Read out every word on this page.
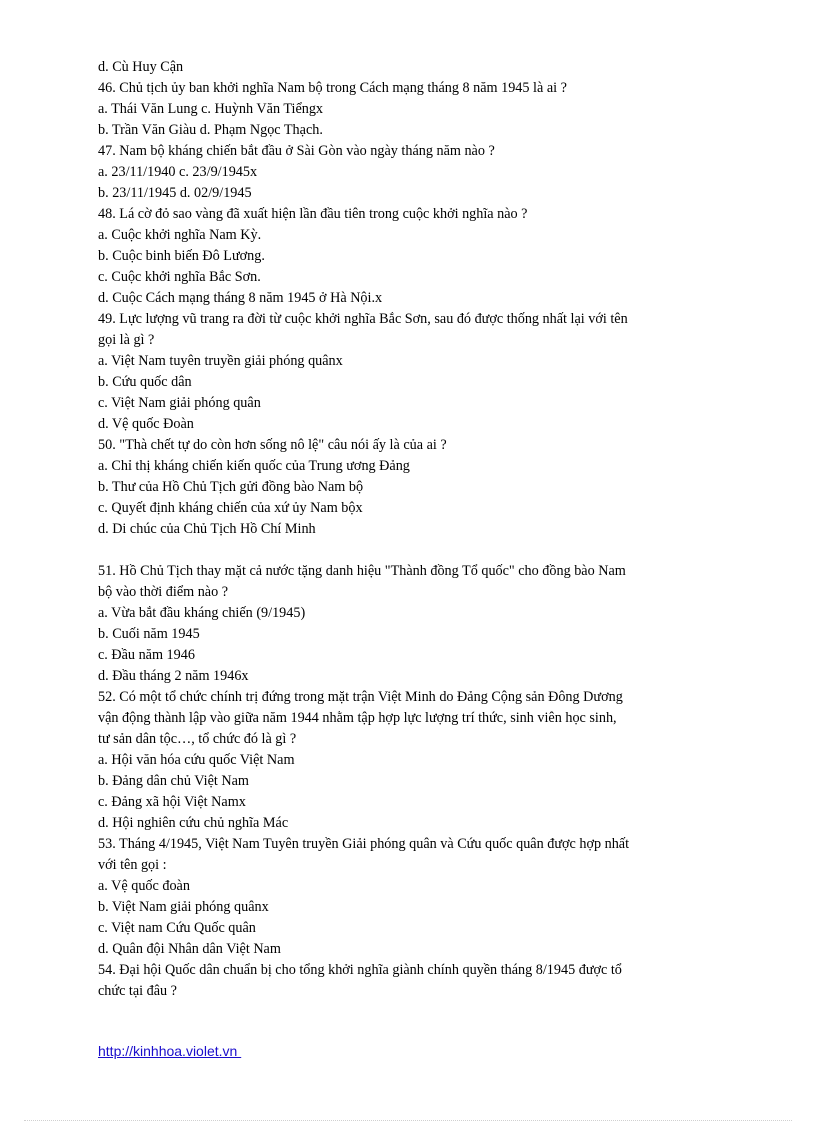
d. Cù Huy Cận
46. Chủ tịch ủy ban khởi nghĩa Nam bộ trong Cách mạng tháng 8 năm 1945 là ai ?
a. Thái Văn Lung c. Huỳnh Văn Tiểngx
b. Trần Văn Giàu d. Phạm Ngọc Thạch.
47. Nam bộ kháng chiến bắt đầu ở Sài Gòn vào ngày tháng năm nào ?
a. 23/11/1940 c. 23/9/1945x
b. 23/11/1945 d. 02/9/1945
48. Lá cờ đỏ sao vàng đã xuất hiện lần đầu tiên trong cuộc khởi nghĩa nào ?
a. Cuộc khởi nghĩa Nam Kỳ.
b. Cuộc binh biến Đô Lương.
c. Cuộc khởi nghĩa Bắc Sơn.
d. Cuộc Cách mạng tháng 8 năm 1945 ở Hà Nội.x
49. Lực lượng vũ trang ra đời từ cuộc khởi nghĩa Bắc Sơn, sau đó được thống nhất lại với tên
gọi là gì ?
a. Việt Nam tuyên truyền giải phóng quânx
b. Cứu quốc dân
c. Việt Nam giải phóng quân
d. Vệ quốc Đoàn
50. "Thà chết tự do còn hơn sống nô lệ" câu nói ấy là của ai ?
a. Chỉ thị kháng chiến kiến quốc của Trung ương Đảng
b. Thư của Hồ Chủ Tịch gửi đồng bào Nam bộ
c. Quyết định kháng chiến của xứ ủy Nam bộx
d. Di chúc của Chủ Tịch Hồ Chí Minh
51. Hồ Chủ Tịch thay mặt cả nước tặng danh hiệu "Thành đồng Tổ quốc" cho đồng bào Nam
bộ vào thời điểm nào ?
a. Vừa bắt đầu kháng chiến (9/1945)
b. Cuối năm 1945
c. Đầu năm 1946
d. Đầu tháng 2 năm 1946x
52. Có một tổ chức chính trị đứng trong mặt trận Việt Minh do Đảng Cộng sản Đông Dương
vận động thành lập vào giữa năm 1944 nhằm tập hợp lực lượng trí thức, sinh viên học sinh,
tư sản dân tộc…, tổ chức đó là gì ?
a. Hội văn hóa cứu quốc Việt Nam
b. Đảng dân chủ Việt Nam
c. Đảng xã hội Việt Namx
d. Hội nghiên cứu chủ nghĩa Mác
53. Tháng 4/1945, Việt Nam Tuyên truyền Giải phóng quân và Cứu quốc quân được hợp nhất
với tên gọi :
a. Vệ quốc đoàn
b. Việt Nam giải phóng quânx
c. Việt nam Cứu Quốc quân
d. Quân đội Nhân dân Việt Nam
54. Đại hội Quốc dân chuẩn bị cho tổng khởi nghĩa giành chính quyền tháng 8/1945 được tổ
chức tại đâu ?
http://kinhhoa.violet.vn
